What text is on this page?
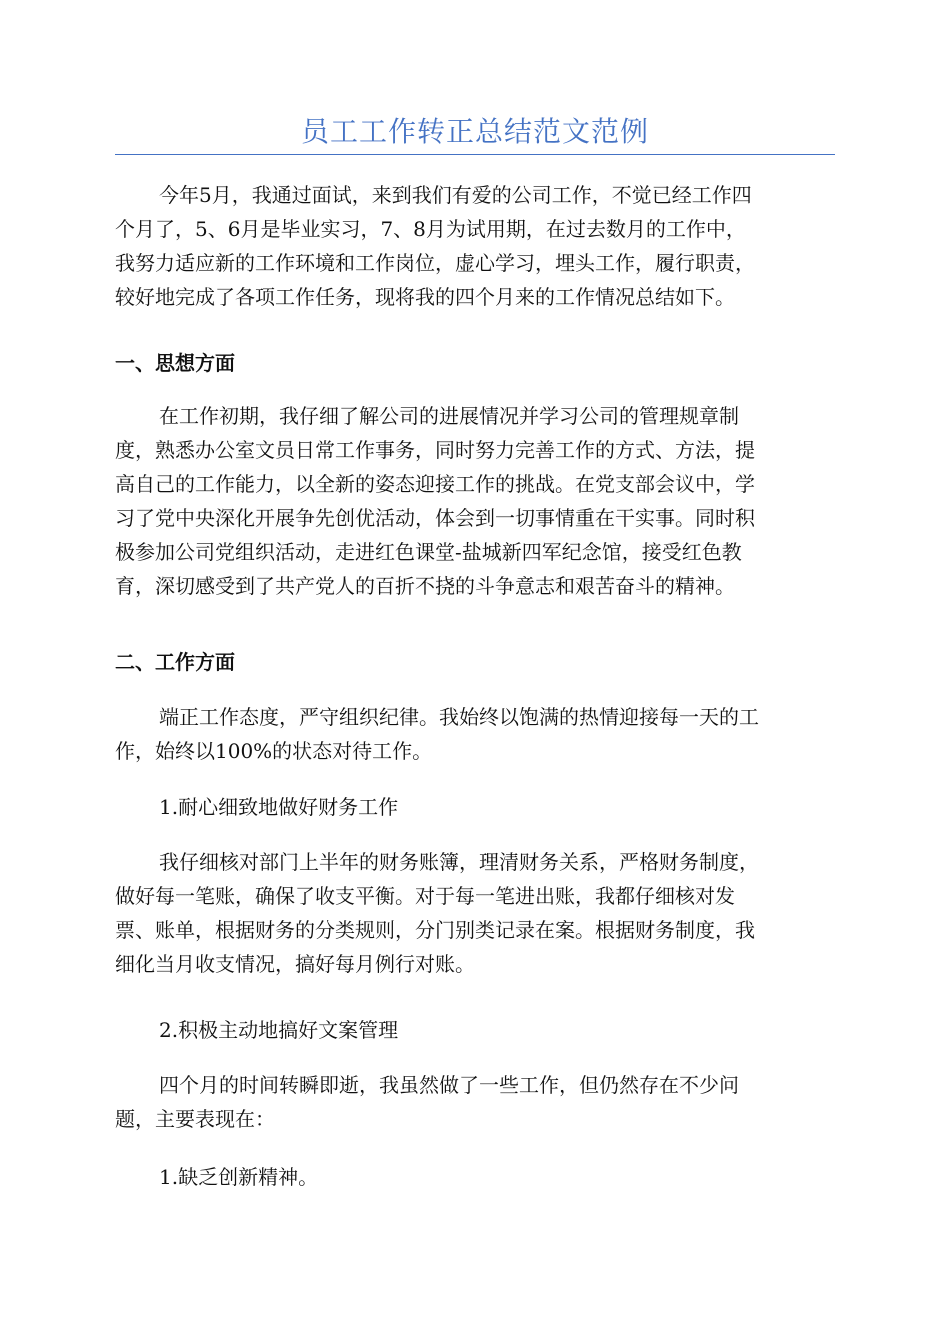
员工工作转正总结范文范例
今年5月，我通过面试，来到我们有爱的公司工作，不觉已经工作四
个月了，5、6月是毕业实习，7、8月为试用期，在过去数月的工作中，
我努力适应新的工作环境和工作岗位，虚心学习，埋头工作，履行职责，
较好地完成了各项工作任务，现将我的四个月来的工作情况总结如下。
一、思想方面
在工作初期，我仔细了解公司的进展情况并学习公司的管理规章制
度，熟悉办公室文员日常工作事务，同时努力完善工作的方式、方法，提
高自己的工作能力，以全新的姿态迎接工作的挑战。在党支部会议中，学
习了党中央深化开展争先创优活动，体会到一切事情重在干实事。同时积
极参加公司党组织活动，走进红色课堂-盐城新四军纪念馆，接受红色教
育，深切感受到了共产党人的百折不挠的斗争意志和艰苦奋斗的精神。
二、工作方面
端正工作态度，严守组织纪律。我始终以饱满的热情迎接每一天的工
作，始终以100%的状态对待工作。
1.耐心细致地做好财务工作
我仔细核对部门上半年的财务账簿，理清财务关系，严格财务制度，
做好每一笔账，确保了收支平衡。对于每一笔进出账，我都仔细核对发
票、账单，根据财务的分类规则，分门别类记录在案。根据财务制度，我
细化当月收支情况，搞好每月例行对账。
2.积极主动地搞好文案管理
四个月的时间转瞬即逝，我虽然做了一些工作，但仍然存在不少问
题，主要表现在：
1.缺乏创新精神。
